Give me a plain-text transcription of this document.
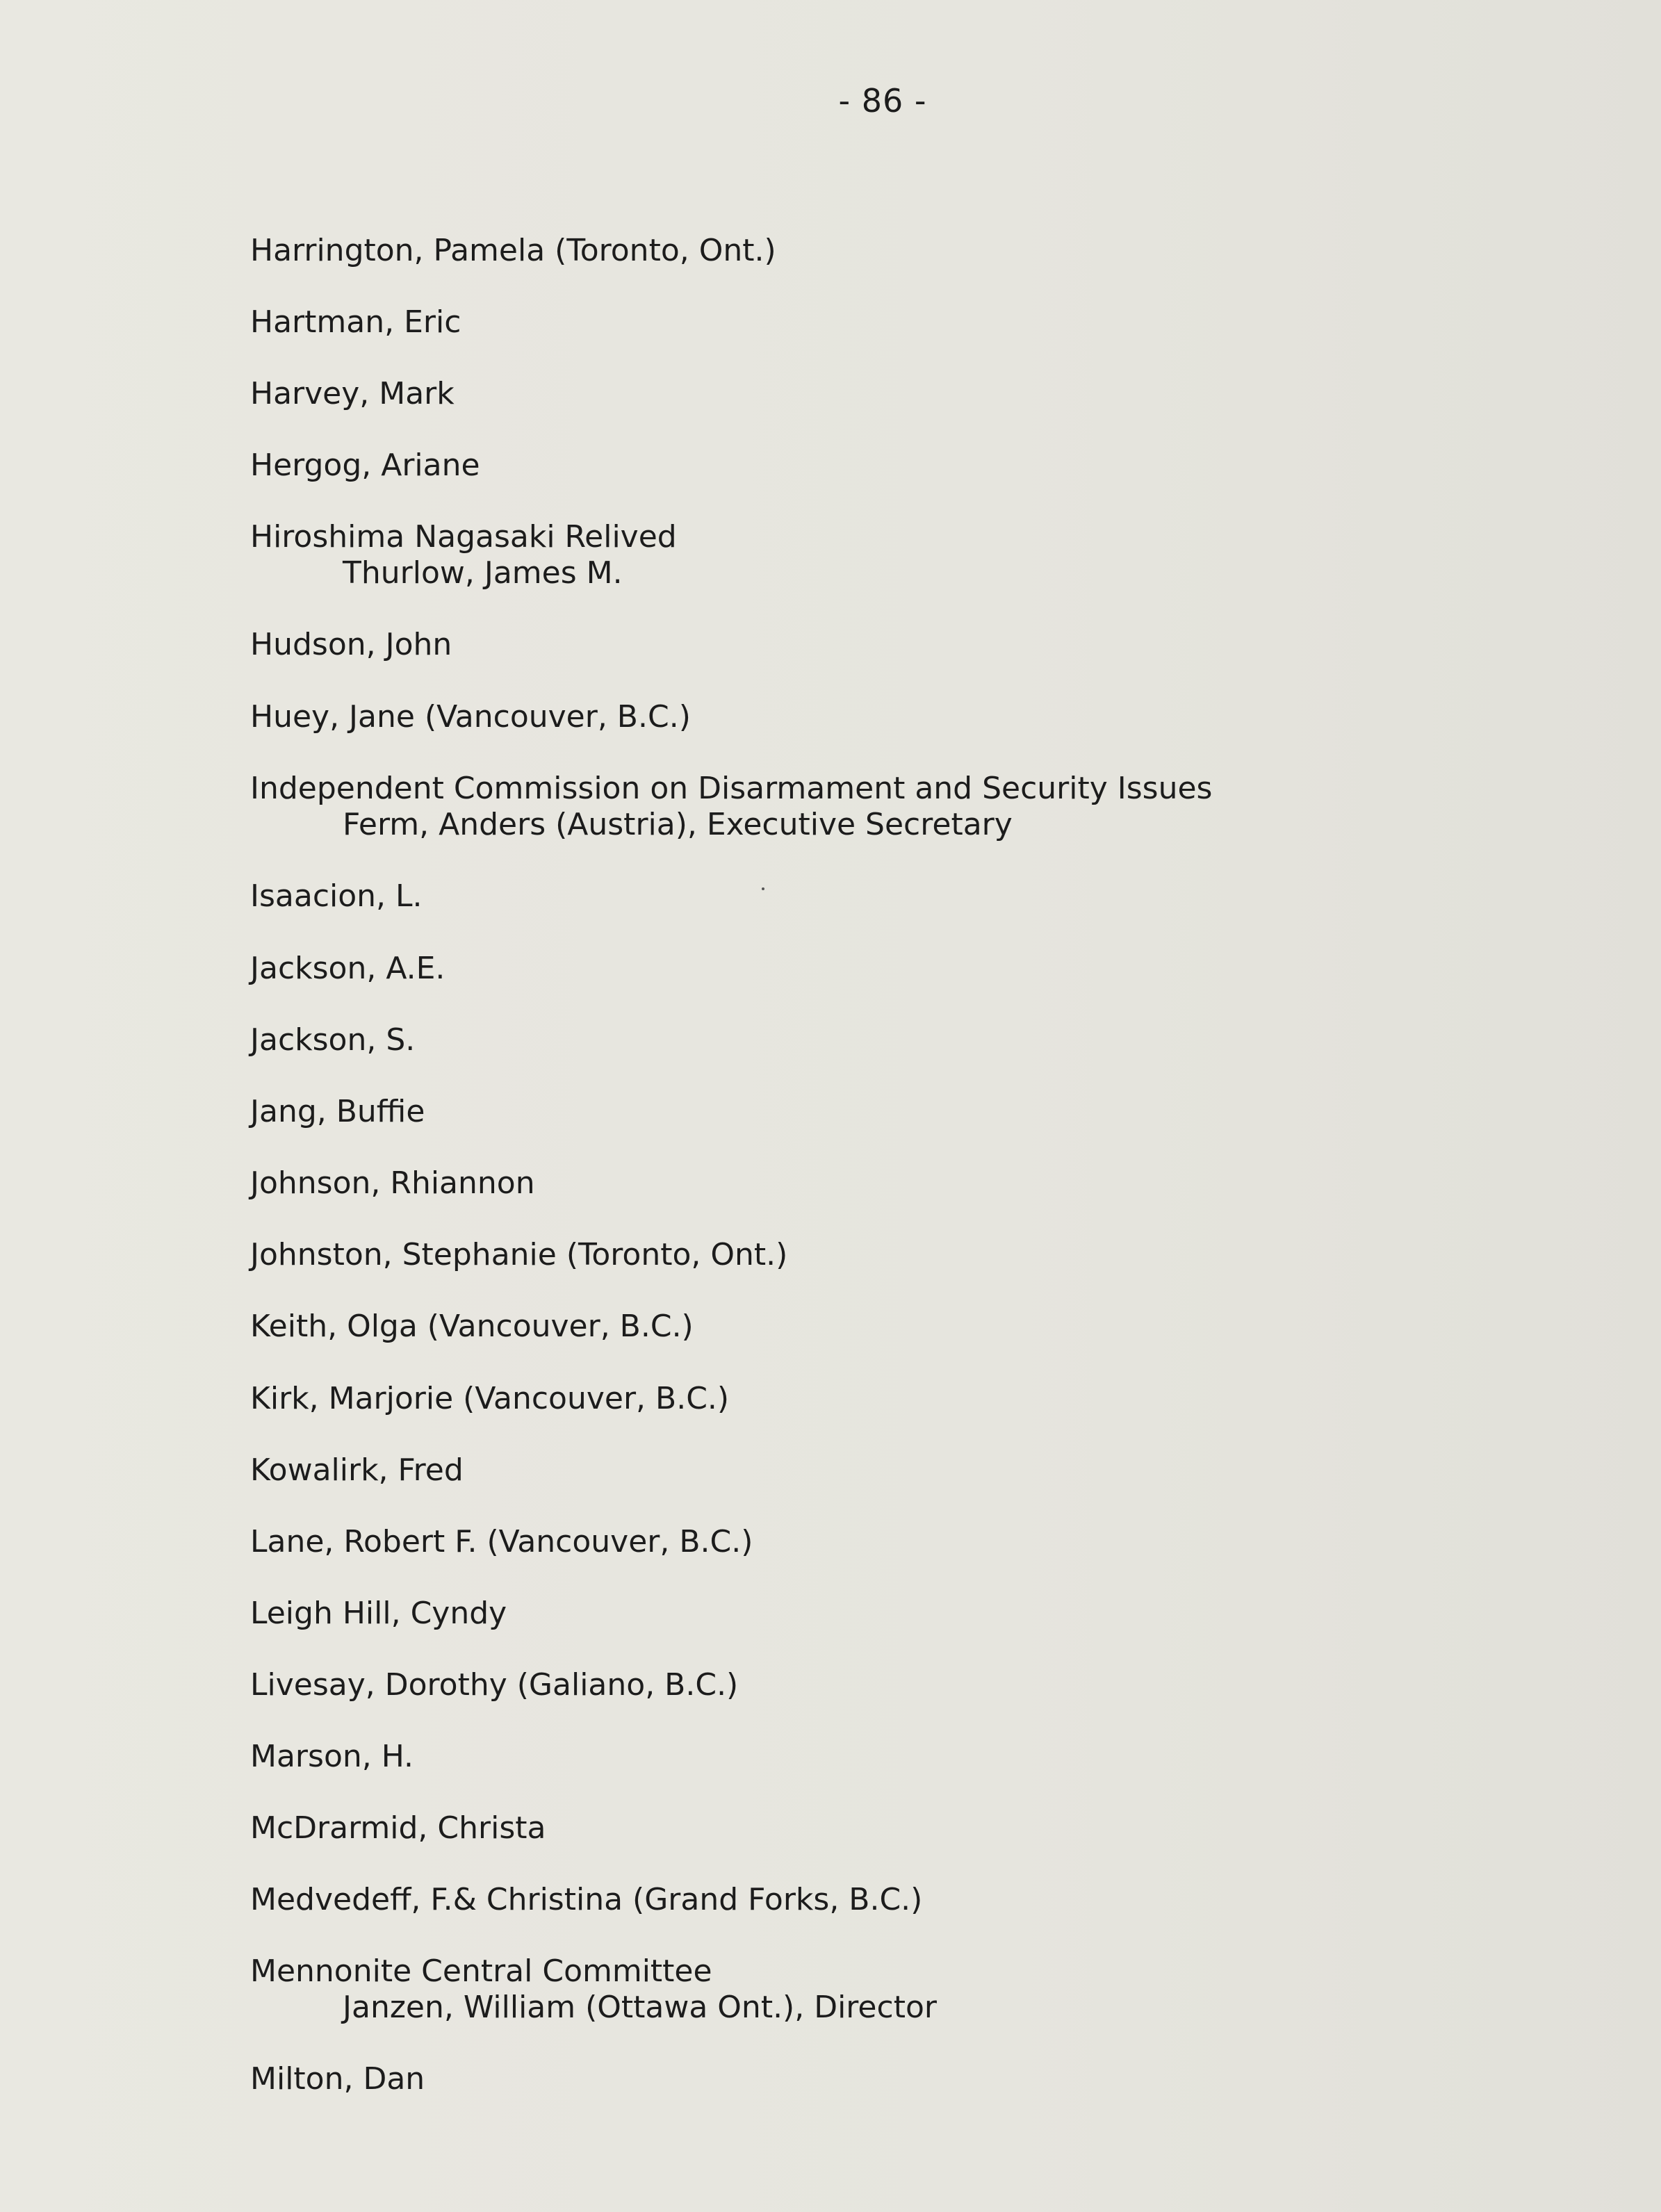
- 86 -
Harrington, Pamela (Toronto, Ont.)
Hartman, Eric
Harvey, Mark
Hergog, Ariane
Hiroshima Nagasaki Relived
Thurlow, James M.
Hudson, John
Huey, Jane (Vancouver, B.C.)
Independent Commission on Disarmament and Security Issues
Ferm, Anders (Austria), Executive Secretary
Isaacion, L.
Jackson, A.E.
Jackson, S.
Jang, Buffie
Johnson, Rhiannon
Johnston, Stephanie (Toronto, Ont.)
Keith, Olga (Vancouver, B.C.)
Kirk, Marjorie (Vancouver, B.C.)
Kowalirk, Fred
Lane, Robert F. (Vancouver, B.C.)
Leigh Hill, Cyndy
Livesay, Dorothy (Galiano, B.C.)
Marson, H.
McDrarmid, Christa
Medvedeff, F.& Christina (Grand Forks, B.C.)
Mennonite Central Committee
Janzen, William (Ottawa Ont.), Director
Milton, Dan
